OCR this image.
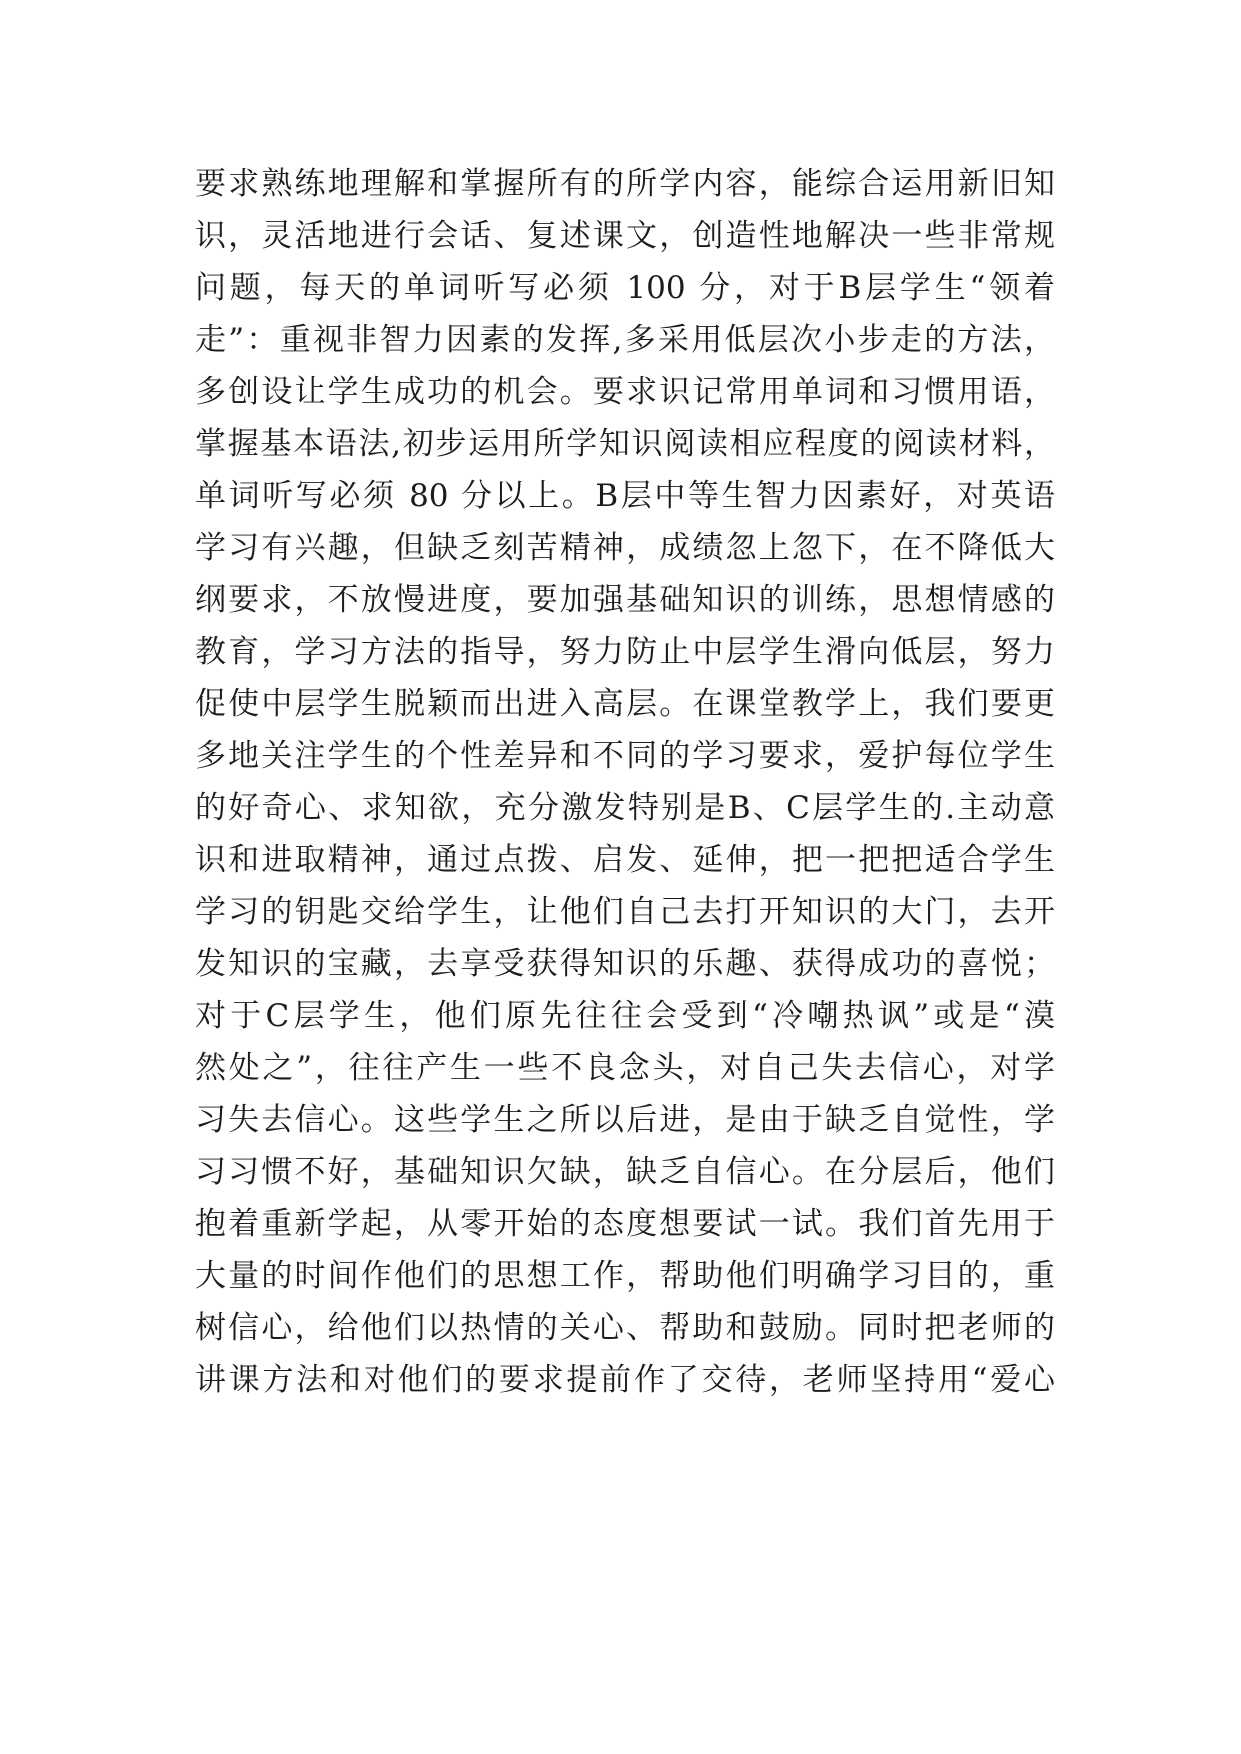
要求熟练地理解和掌握所有的所学内容，能综合运用新旧知
识，灵活地进行会话、复述课文，创造性地解决一些非常规
问题，每天的单词听写必须 100 分，对于B层学生“领着
走”：重视非智力因素的发挥,多采用低层次小步走的方法，
多创设让学生成功的机会。要求识记常用单词和习惯用语，
掌握基本语法,初步运用所学知识阅读相应程度的阅读材料，
单词听写必须 80 分以上。B层中等生智力因素好，对英语
学习有兴趣，但缺乏刻苦精神，成绩忽上忽下，在不降低大
纲要求，不放慢进度，要加强基础知识的训练，思想情感的
教育，学习方法的指导，努力防止中层学生滑向低层，努力
促使中层学生脱颖而出进入高层。在课堂教学上，我们要更
多地关注学生的个性差异和不同的学习要求，爱护每位学生
的好奇心、求知欲，充分激发特别是B、C层学生的.主动意
识和进取精神，通过点拨、启发、延伸，把一把把适合学生
学习的钥匙交给学生，让他们自己去打开知识的大门，去开
发知识的宝藏，去享受获得知识的乐趣、获得成功的喜悦；
对于C层学生，他们原先往往会受到“冷嘲热讽”或是“漠
然处之”，往往产生一些不良念头，对自己失去信心，对学
习失去信心。这些学生之所以后进，是由于缺乏自觉性，学
习习惯不好，基础知识欠缺，缺乏自信心。在分层后，他们
抱着重新学起，从零开始的态度想要试一试。我们首先用于
大量的时间作他们的思想工作，帮助他们明确学习目的，重
树信心，给他们以热情的关心、帮助和鼓励。同时把老师的
讲课方法和对他们的要求提前作了交待，老师坚持用“爱心
